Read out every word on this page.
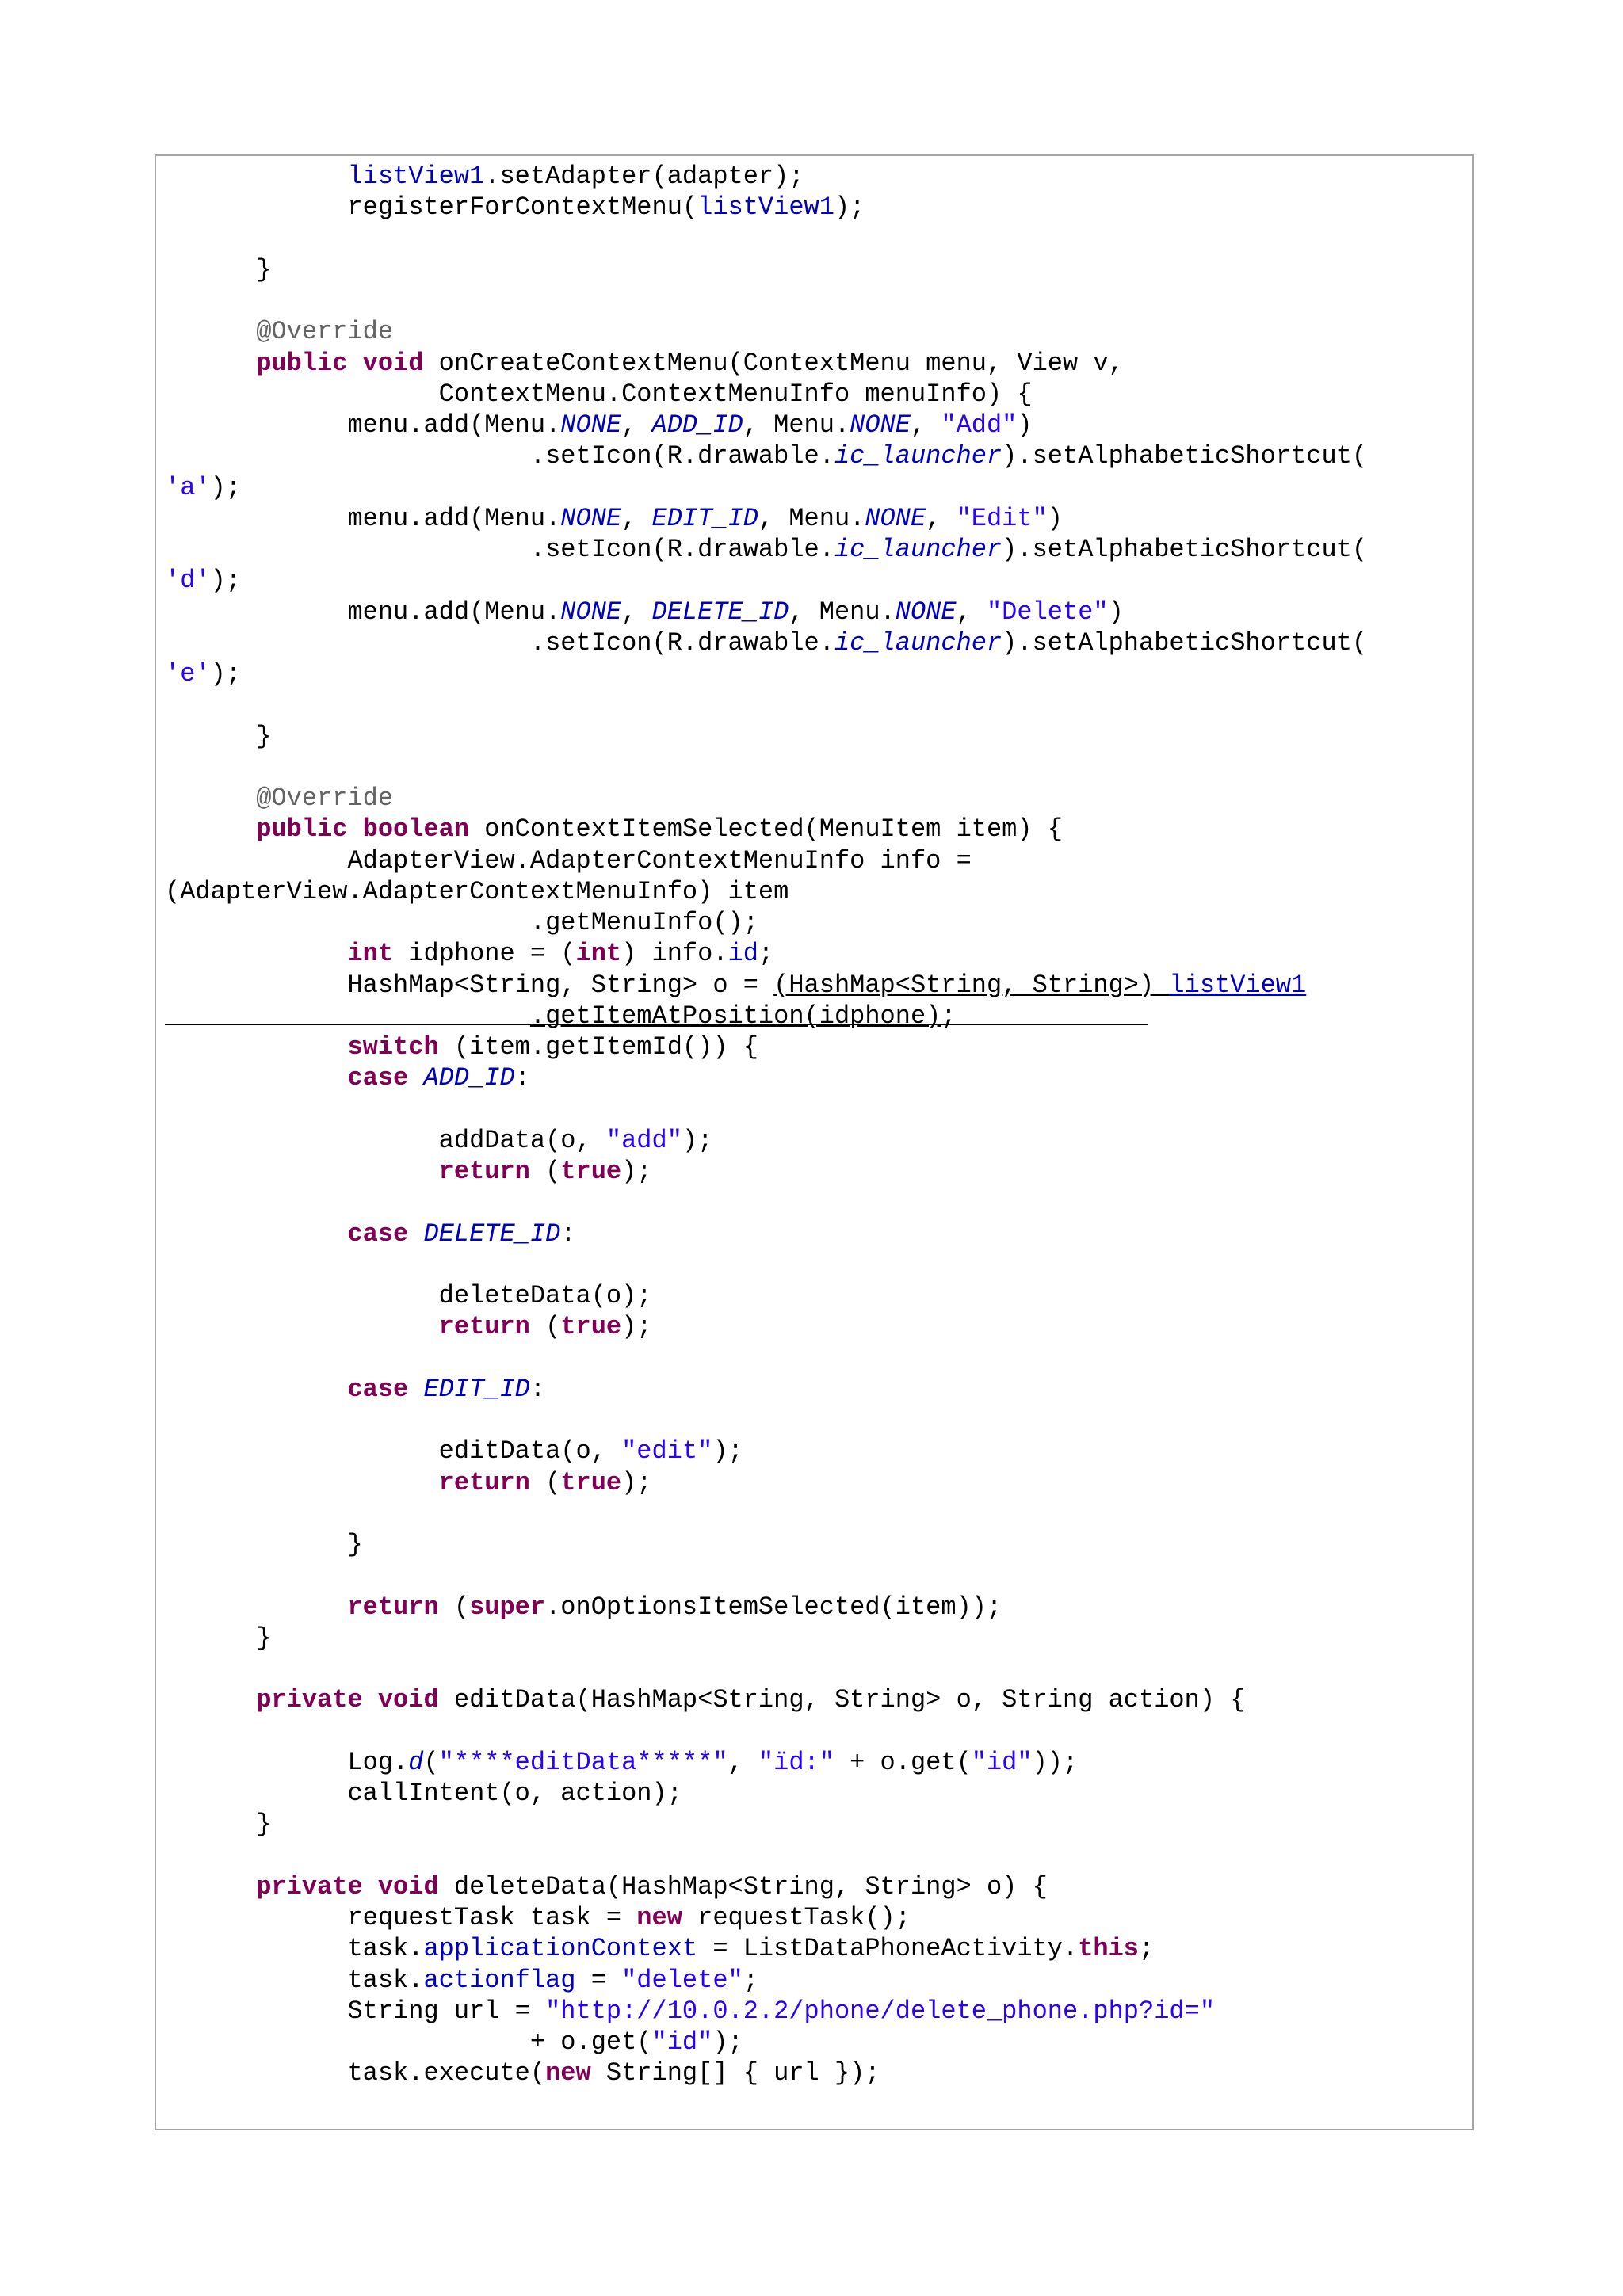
listView1.setAdapter(adapter);
registerForContextMenu(listView1);
}
@Override
public void onCreateContextMenu(ContextMenu menu, View v,
ContextMenu.ContextMenuInfo menuInfo) {
menu.add(Menu.NONE, ADD_ID, Menu.NONE, "Add")
.setIcon(R.drawable.ic_launcher).setAlphabeticShortcut(
'a');
menu.add(Menu.NONE, EDIT_ID, Menu.NONE, "Edit")
.setIcon(R.drawable.ic_launcher).setAlphabeticShortcut(
'd');
menu.add(Menu.NONE, DELETE_ID, Menu.NONE, "Delete")
.setIcon(R.drawable.ic_launcher).setAlphabeticShortcut(
'e');
}
@Override
public boolean onContextItemSelected(MenuItem item) {
AdapterView.AdapterContextMenuInfo info =
(AdapterView.AdapterContextMenuInfo) item
.getMenuInfo();
int idphone = (int) info.id;
HashMap<String, String> o = (HashMap<String, String>) listView1
.getItemAtPosition(idphone);
switch (item.getItemId()) {
case ADD_ID:
addData(o, "add");
return (true);
case DELETE_ID:
deleteData(o);
return (true);
case EDIT_ID:
editData(o, "edit");
return (true);
}
return (super.onOptionsItemSelected(item));
}
private void editData(HashMap<String, String> o, String action) {
Log.d("****editData*****", "ïd:" + o.get("id"));
callIntent(o, action);
}
private void deleteData(HashMap<String, String> o) {
requestTask task = new requestTask();
task.applicationContext = ListDataPhoneActivity.this;
task.actionflag = "delete";
String url = "http://10.0.2.2/phone/delete_phone.php?id="
+ o.get("id");
task.execute(new String[] { url });
